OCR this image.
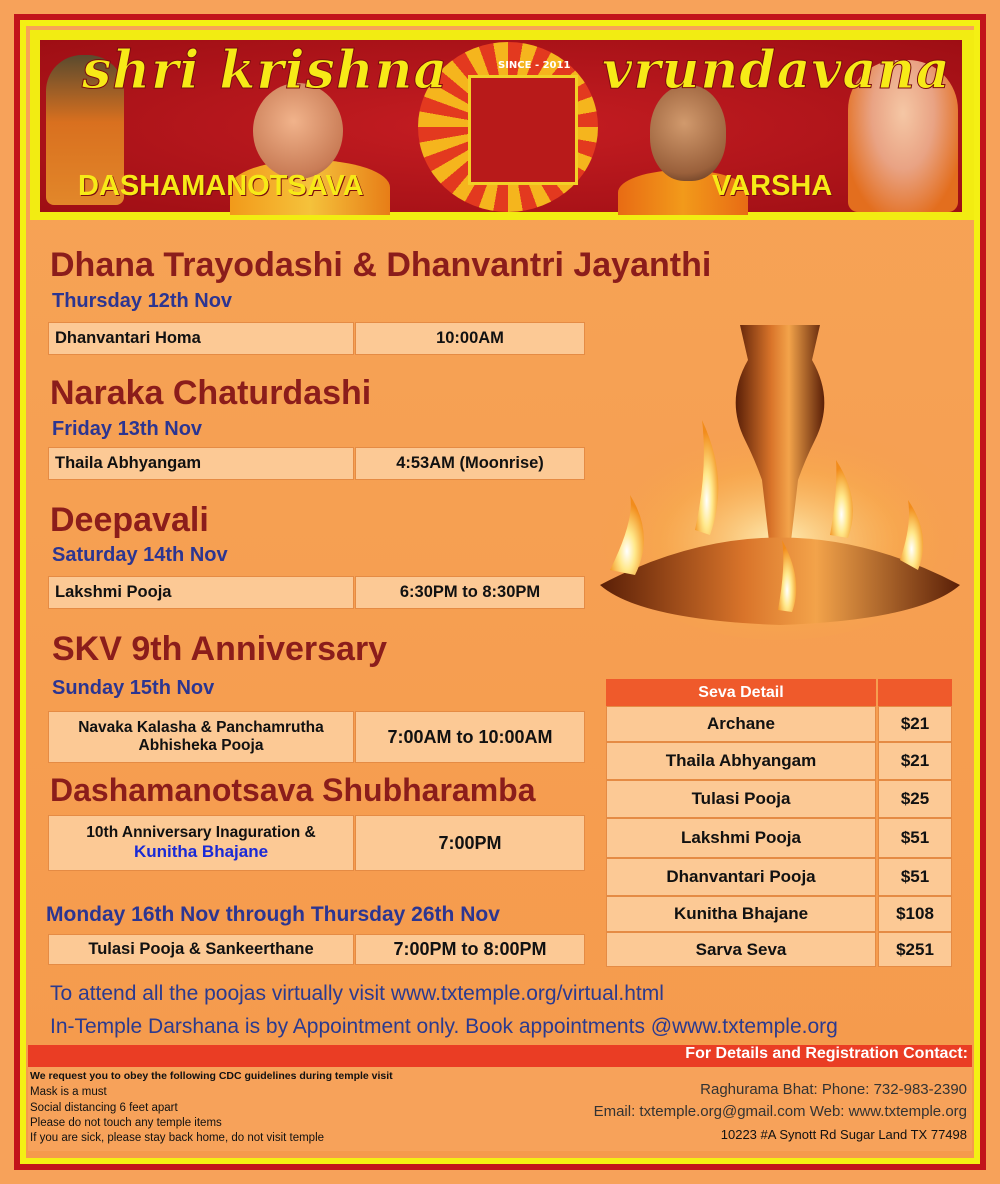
SINCE - 2011
shri krishna	vrundavana
DASHAMANOTSAVA	VARSHA
Dhana Trayodashi & Dhanvantri Jayanthi
Thursday 12th Nov
Dhanvantari Homa	10:00AM
Naraka Chaturdashi
Friday 13th Nov
Thaila Abhyangam	4:53AM (Moonrise)
Deepavali
Saturday 14th Nov
Lakshmi Pooja	6:30PM to 8:30PM
SKV 9th Anniversary
Sunday 15th Nov
Navaka Kalasha & Panchamrutha
Abhisheka Pooja	7:00AM to 10:00AM
Dashamanotsava Shubharamba
10th Anniversary Inaguration &
Kunitha Bhajane	7:00PM
Monday 16th Nov through Thursday 26th Nov
Tulasi Pooja & Sankeerthane	7:00PM to 8:00PM
Seva Detail
Archane	$21
Thaila Abhyangam	$21
Tulasi Pooja	$25
Lakshmi Pooja	$51
Dhanvantari Pooja	$51
Kunitha Bhajane	$108
Sarva Seva	$251
To attend all the poojas virtually visit www.txtemple.org/virtual.html
In-Temple Darshana is by Appointment only. Book appointments @www.txtemple.org
For Details and Registration Contact:
We request you to obey the following CDC guidelines during temple visit
Mask is a must
Social distancing 6 feet apart
Please do not touch any temple items
If you are sick, please stay back home, do not visit temple
Raghurama Bhat: Phone: 732-983-2390
Email: txtemple.org@gmail.com Web: www.txtemple.org
10223 #A Synott Rd Sugar Land TX 77498
